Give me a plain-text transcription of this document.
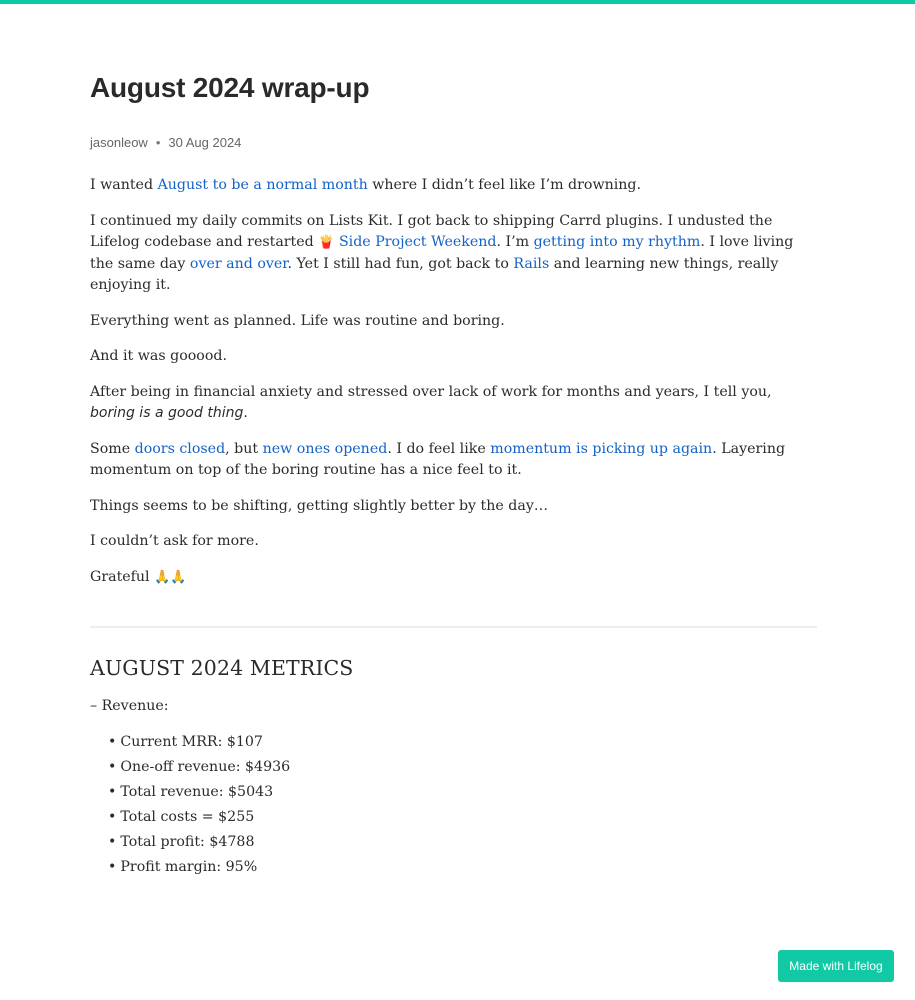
August 2024 wrap-up
jasonleow • 30 Aug 2024

I wanted August to be a normal month where I didn’t feel like I’m drowning.

I continued my daily commits on Lists Kit. I got back to shipping Carrd plugins. I undusted the Lifelog codebase and restarted 🍟 Side Project Weekend. I’m getting into my rhythm. I love living the same day over and over. Yet I still had fun, got back to Rails and learning new things, really enjoying it.

Everything went as planned. Life was routine and boring.

And it was gooood.

After being in financial anxiety and stressed over lack of work for months and years, I tell you, boring is a good thing.

Some doors closed, but new ones opened. I do feel like momentum is picking up again. Layering momentum on top of the boring routine has a nice feel to it.

Things seems to be shifting, getting slightly better by the day…

I couldn’t ask for more.

Grateful 🙏🙏

AUGUST 2024 METRICS
– Revenue:
• Current MRR: $107
• One-off revenue: $4936
• Total revenue: $5043
• Total costs = $255
• Total profit: $4788
• Profit margin: 95%
Made with Lifelog
